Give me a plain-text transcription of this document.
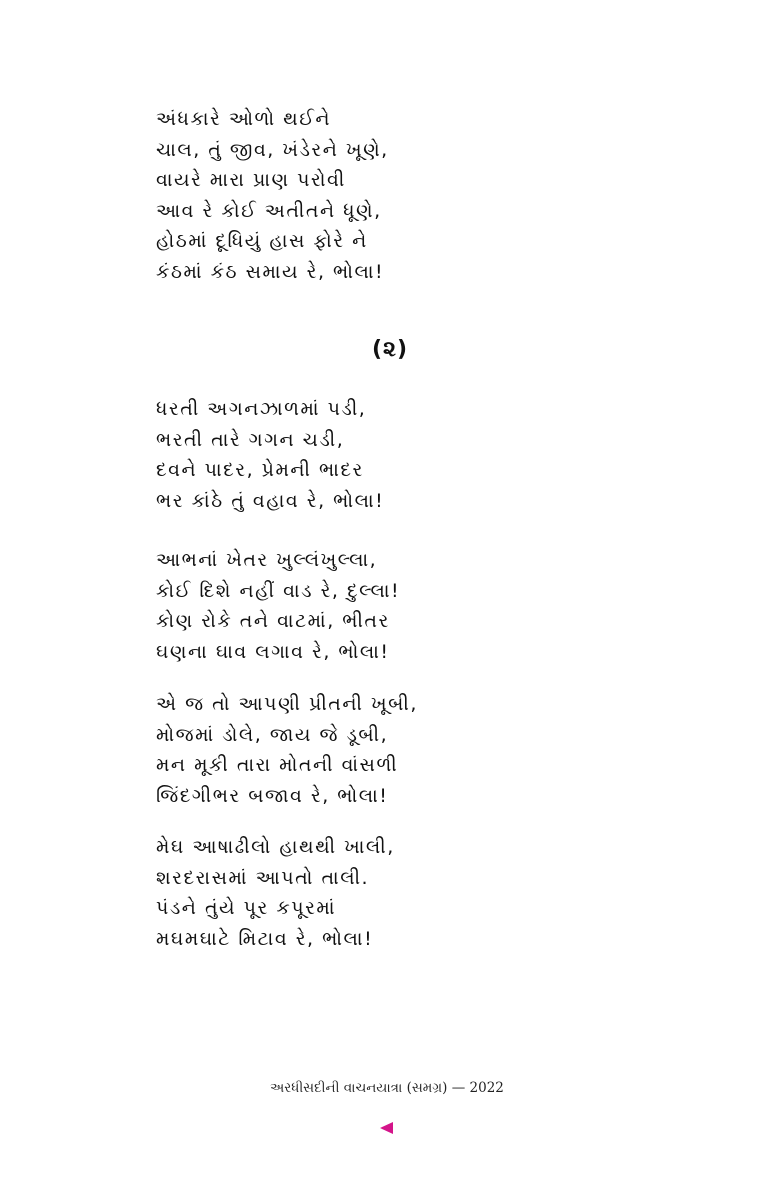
અંધકારે ઓળો થઈને
ચાલ, તું જીવ, ખંડેરને ખૂણે,
વાયરે મારા પ્રાણ પરોવી
આવ રે કોઈ અતીતને ધૂણે,
હોઠમાં દૂધિયું હાસ ફોરે ને
કંઠમાં કંઠ સમાય રે, ભોલા!
(૨)
ધરતી અગનઝાળમાં પડી,
ભરતી તારે ગગન ચડી,
દવને પાદર, પ્રેમની ભાદર
ભર કાંઠે તું વહાવ રે, ભોલા!
આભનાં ખેતર ખુલ્લંખુલ્લા,
કોઈ દિશે નહીં વાડ રે, દુલ્લા!
કોણ રોકે તને વાટમાં, ભીતર
ઘણના ઘાવ લગાવ રે, ભોલા!
એ જ તો આપણી પ્રીતની ખૂબી,
મોજમાં ડોલે, જાય જે ડૂબી,
મન મૂકી તારા મોતની વાંસળી
જિંદગીભર બજાવ રે, ભોલા!
મેઘ આષાઢીલો હાથથી ખાલી,
શરદરાસમાં આપતો તાલી.
પંડને તુંયે પૂર કપૂરમાં
મઘમઘાટે મિટાવ રે, ભોલા!
અરધીસદીની વાચનયાત્રા (સમગ્ર) — 2022
